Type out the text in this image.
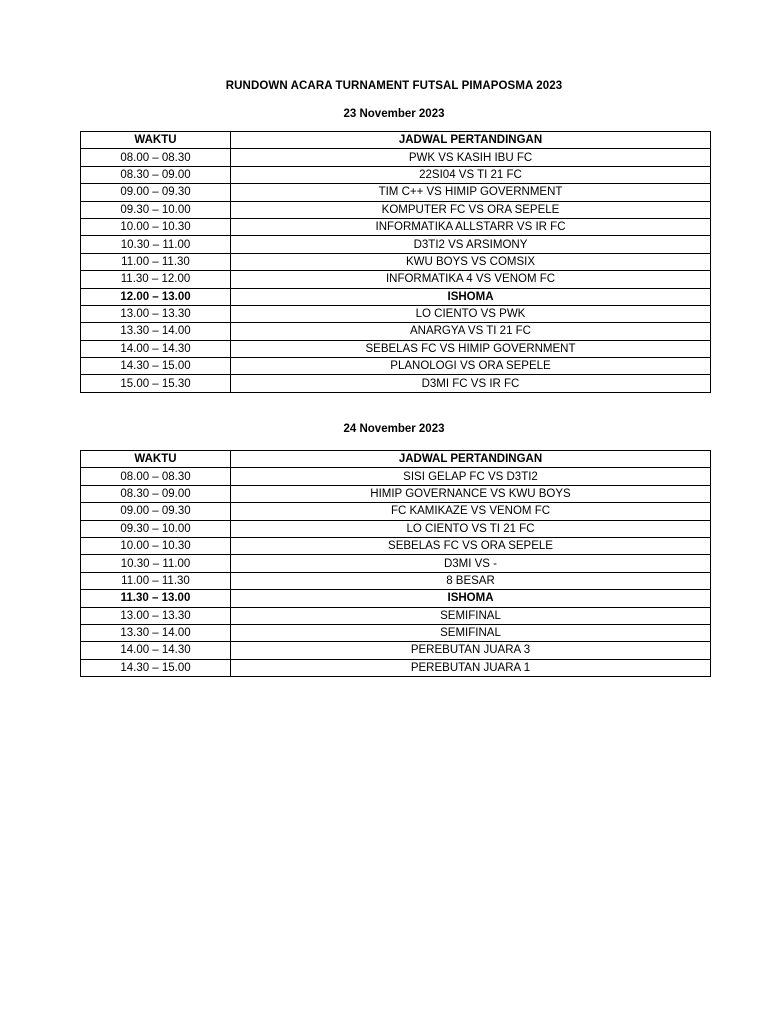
RUNDOWN ACARA TURNAMENT FUTSAL PIMAPOSMA 2023
23 November 2023
WAKTU	JADWAL PERTANDINGAN
08.00 – 08.30	PWK VS KASIH IBU FC
08.30 – 09.00	22SI04 VS TI 21 FC
09.00 – 09.30	TIM C++ VS HIMIP GOVERNMENT
09.30 – 10.00	KOMPUTER FC VS ORA SEPELE
10.00 – 10.30	INFORMATIKA ALLSTARR VS IR FC
10.30 – 11.00	D3TI2 VS ARSIMONY
11.00 – 11.30	KWU BOYS VS COMSIX
11.30 – 12.00	INFORMATIKA 4 VS VENOM FC
12.00 – 13.00	ISHOMA
13.00 – 13.30	LO CIENTO VS PWK
13.30 – 14.00	ANARGYA VS TI 21 FC
14.00 – 14.30	SEBELAS FC VS HIMIP GOVERNMENT
14.30 – 15.00	PLANOLOGI VS ORA SEPELE
15.00 – 15.30	D3MI FC VS IR FC
24 November 2023
WAKTU	JADWAL PERTANDINGAN
08.00 – 08.30	SISI GELAP FC VS D3TI2
08.30 – 09.00	HIMIP GOVERNANCE VS KWU BOYS
09.00 – 09.30	FC KAMIKAZE VS VENOM FC
09.30 – 10.00	LO CIENTO VS TI 21 FC
10.00 – 10.30	SEBELAS FC VS ORA SEPELE
10.30 – 11.00	D3MI VS -
11.00 – 11.30	8 BESAR
11.30 – 13.00	ISHOMA
13.00 – 13.30	SEMIFINAL
13.30 – 14.00	SEMIFINAL
14.00 – 14.30	PEREBUTAN JUARA 3
14.30 – 15.00	PEREBUTAN JUARA 1
